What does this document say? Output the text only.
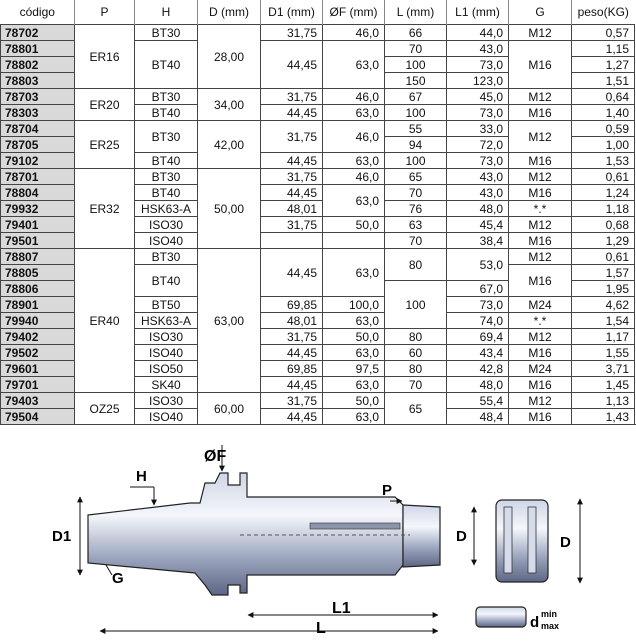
código	P	H	D (mm)	D1 (mm)	ØF (mm)	L (mm)	L1 (mm)	G	peso(KG)
78702	ER16	BT30	28,00	31,75	46,0	66	44,0	M12	0,57
78801		BT40		44,45	63,0	70	43,0	M16	1,15
78802						100	73,0		1,27
78803						150	123,0		1,51
78703	ER20	BT30	34,00	31,75	46,0	67	45,0	M12	0,64
78303		BT40		44,45	63,0	100	73,0	M16	1,40
78704	ER25	BT30	42,00	31,75	46,0	55	33,0	M12	0,59
78705						94	72,0		1,00
79102		BT40		44,45	63,0	100	73,0	M16	1,53
78701	ER32	BT30	50,00	31,75	46,0	65	43,0	M12	0,61
78804		BT40		44,45	63,0	70	43,0	M16	1,24
79932		HSK63-A		48,01		76	48,0	*.*	1,18
79401		ISO30		31,75	50,0	63	45,4	M12	0,68
79501		ISO40				70	38,4	M16	1,29
78807	ER40	BT30	63,00	44,45	63,0	80	53,0	M12	0,61
78805		BT40						M16	1,57
78806						100	67,0		1,95
78901		BT50		69,85	100,0		73,0	M24	4,62
79940		HSK63-A		48,01	63,0		74,0	*.*	1,54
79402		ISO30		31,75	50,0	80	69,4	M12	1,17
79502		ISO40		44,45	63,0	60	43,4	M16	1,55
79601		ISO50		69,85	97,5	80	42,8	M24	3,71
79701		SK40		44,45	63,0	70	48,0	M16	1,45
79403	OZ25	ISO30	60,00	31,75	50,0	65	55,4	M12	1,13
79504		ISO40		44,45	63,0		48,4	M16	1,43
ØF
H
P
D1	D	D
G
L1
L	d min
max
